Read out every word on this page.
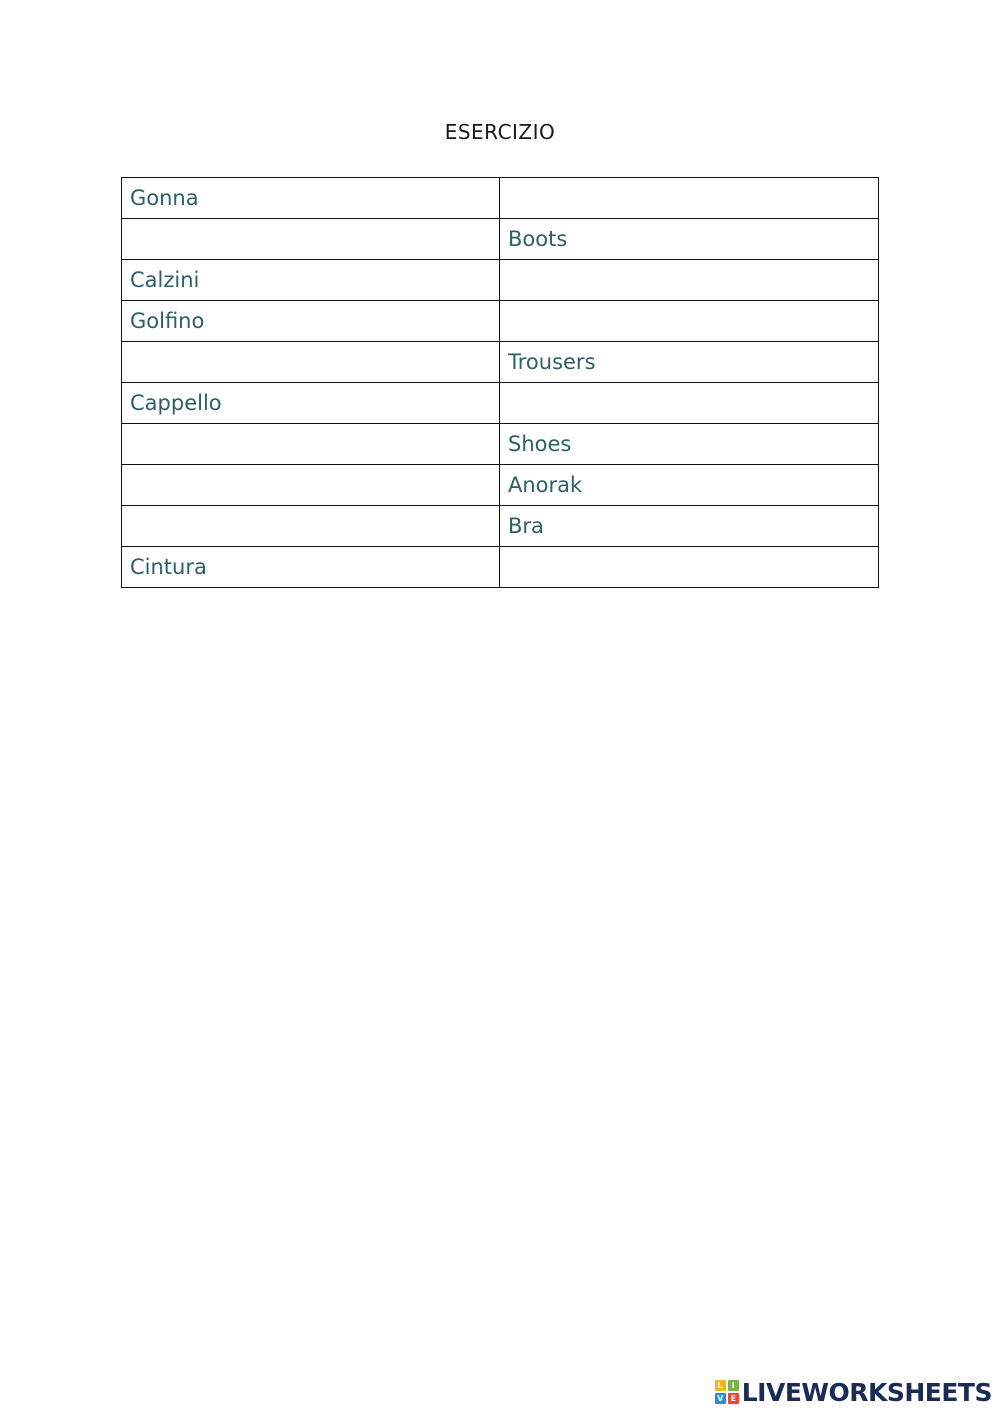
ESERCIZIO
Gonna	
	Boots
Calzini	
Golfino	
	Trousers
Cappello	
	Shoes
	Anorak
	Bra
Cintura	
L	I
V E LIVEWORKSHEETS
